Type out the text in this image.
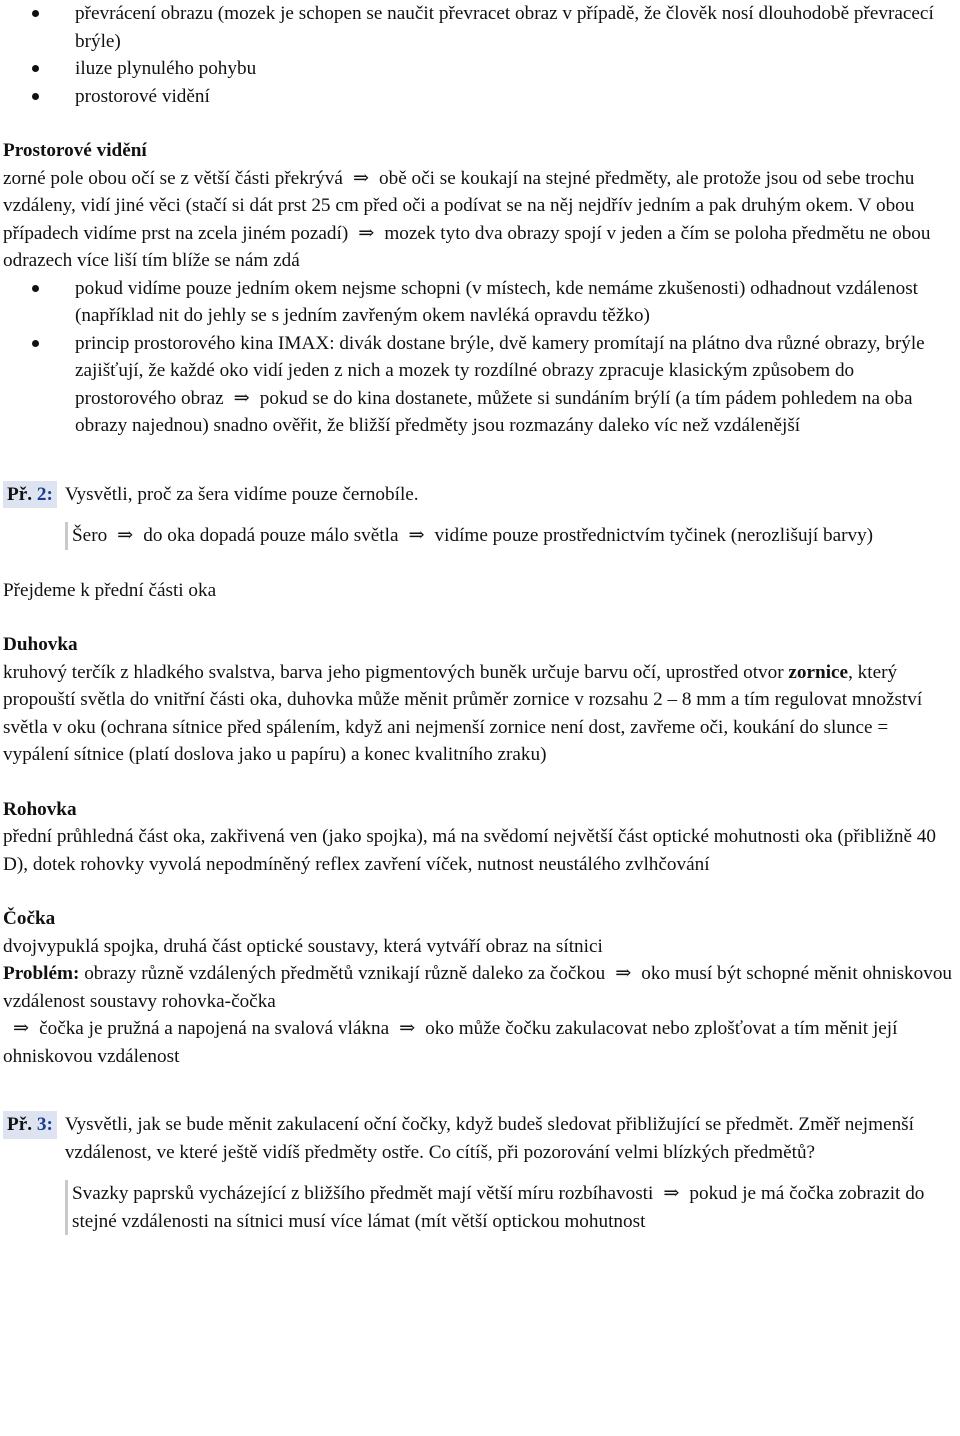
převrácení obrazu (mozek je schopen se naučit převracet obraz v případě, že člověk nosí dlouhodobě převracecí brýle)
iluze plynulého pohybu
prostorové vidění

Prostorové vidění

zorné pole obou očí se z větší části překrývá ⇒ obě oči se koukají na stejné předměty, ale protože jsou od sebe trochu vzdáleny, vidí jiné věci (stačí si dát prst 25 cm před oči a podívat se na něj nejdřív jedním a pak druhým okem. V obou případech vidíme prst na zcela jiném pozadí) ⇒ mozek tyto dva obrazy spojí v jeden a čím se poloha předmětu ne obou odrazech více liší tím blíže se nám zdá

pokud vidíme pouze jedním okem nejsme schopni (v místech, kde nemáme zkušenosti) odhadnout vzdálenost (například nit do jehly se s jedním zavřeným okem navléká opravdu těžko)
princip prostorového kina IMAX: divák dostane brýle, dvě kamery promítají na plátno dva různé obrazy, brýle zajišťují, že každé oko vidí jeden z nich a mozek ty rozdílné obrazy zpracuje klasickým způsobem do prostorového obraz ⇒ pokud se do kina dostanete, můžete si sundáním brýlí (a tím pádem pohledem na oba obrazy najednou) snadno ověřit, že bližší předměty jsou rozmazány daleko víc než vzdálenější
Př. 2: Vysvětli, proč za šera vidíme pouze černobíle.

Šero ⇒ do oka dopadá pouze málo světla ⇒ vidíme pouze prostřednictvím tyčinek (nerozlišují barvy)

Přejdeme k přední části oka

Duhovka

kruhový terčík z hladkého svalstva, barva jeho pigmentových buněk určuje barvu očí, uprostřed otvor zornice, který propouští světla do vnitřní části oka, duhovka může měnit průměr zornice v rozsahu 2 – 8 mm a tím regulovat množství světla v oku (ochrana sítnice před spálením, když ani nejmenší zornice není dost, zavřeme oči, koukání do slunce = vypálení sítnice (platí doslova jako u papíru) a konec kvalitního zraku)

Rohovka

přední průhledná část oka, zakřivená ven (jako spojka), má na svědomí největší část optické mohutnosti oka (přibližně 40 D), dotek rohovky vyvolá nepodmíněný reflex zavření víček, nutnost neustálého zvlhčování

Čočka

dvojvypuklá spojka, druhá část optické soustavy, která vytváří obraz na sítnici

Problém: obrazy různě vzdálených předmětů vznikají různě daleko za čočkou ⇒ oko musí být schopné měnit ohniskovou vzdálenost soustavy rohovka-čočka

⇒ čočka je pružná a napojená na svalová vlákna ⇒ oko může čočku zakulacovat nebo zplošťovat a tím měnit její ohniskovou vzdálenost

Př. 3: Vysvětli, jak se bude měnit zakulacení oční čočky, když budeš sledovat přibližující se předmět. Změř nejmenší vzdálenost, ve které ještě vidíš předměty ostře. Co cítíš, při pozorování velmi blízkých předmětů?

Svazky paprsků vycházející z bližšího předmět mají větší míru rozbíhavosti ⇒ pokud je má čočka zobrazit do stejné vzdálenosti na sítnici musí více lámat (mít větší optickou mohutnost
